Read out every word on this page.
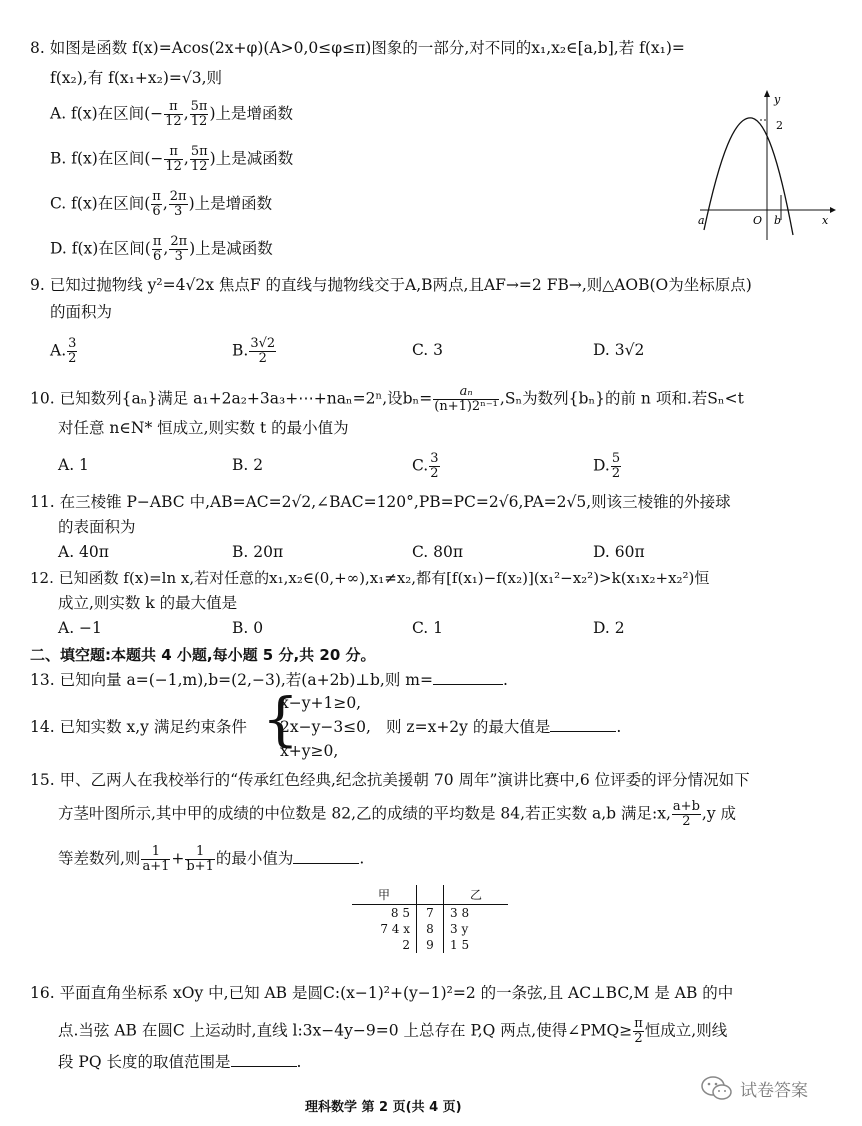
8. 如图是函数 f(x)=Acos(2x+φ)(A>0,0≤φ≤π)图象的一部分,对不同的x₁,x₂∈[a,b],若 f(x₁)=
f(x₂),有 f(x₁+x₂)=√3,则
A. f(x)在区间(− $\frac{\pi}{12}$ , $\frac{5\pi}{12}$ )上是增函数
B. f(x)在区间(− $\frac{\pi}{12}$ , $\frac{5\pi}{12}$ )上是减函数
C. f(x)在区间( $\frac{\pi}{6}$ , $\frac{2\pi}{3}$ )上是增函数
D. f(x)在区间( $\frac{\pi}{6}$ , $\frac{2\pi}{3}$ )上是减函数
y
x
O
a	b
2
9. 已知过抛物线 y²=4√2x 焦点F 的直线与抛物线交于A,B两点,且AF→=2 FB→,则△AOB(O为坐标原点)
的面积为
A. $\frac{3}{2}$	B. $\frac{3√2}{2}$	C. 3	D. 3√2
10. 已知数列{aₙ}满足 a₁+2a₂+3a₃+⋯+naₙ=2ⁿ,设$b_n= \frac{\text{aₙ}}{\text{(n+1)2ⁿ⁻¹}} ,S_n$为数列{bₙ}的前 n 项和.若Sₙ<t
对任意 n∈N* 恒成立,则实数 t 的最小值为
A. 1	B. 2	C. $\frac{3}{2}$	D. $\frac{5}{2}$
11. 在三棱锥 P−ABC 中,AB=AC=2√2,∠BAC=120°,PB=PC=2√6,PA=2√5,则该三棱锥的外接球
的表面积为
A. 40π	B. 20π	C. 80π	D. 60π
12. 已知函数 f(x)=ln x,若对任意的x₁,x₂∈(0,+∞),x₁≠x₂,都有[f(x₁)−f(x₂)](x₁²−x₂²)>k(x₁x₂+x₂²)恒
成立,则实数 k 的最大值是
A. −1	B. 0	C. 1	D. 2
二、填空题:本题共 4 小题,每小题 5 分,共 20 分。
13. 已知向量 a=(−1,m),b=(2,−3),若(a+2b)⊥b,则 m=	.
14. 已知实数 x,y 满足约束条件 {
x−y+1≥0,
2x−y−3≤0,
x+y≥0,
则 z=x+2y 的最大值是	.
15. 甲、乙两人在我校举行的“传承红色经典,纪念抗美援朝 70 周年”演讲比赛中,6 位评委的评分情况如下
方茎叶图所示,其中甲的成绩的中位数是 82,乙的成绩的平均数是 84,若正实数 a,b 满足:x, $\frac{a+b}{2} ,y$ 成
等差数列,则 $\frac{1}{a+1} + \frac{1}{b+1}$ 的最小值为	.
甲		乙
8 5	7	3 8
7 4 x	8	3 y
2	9	1 5
16. 平面直角坐标系 xOy 中,已知 AB 是圆C:(x−1)²+(y−1)²=2 的一条弦,且 AC⊥BC,M 是 AB 的中
点.当弦 AB 在圆C 上运动时,直线 l:3x−4y−9=0 上总存在 P,Q 两点,使得∠PMQ≥ $\frac{\pi}{2}$ 恒成立,则线
段 PQ 长度的取值范围是	.
理科数学 第 2 页(共 4 页)
试卷答案
